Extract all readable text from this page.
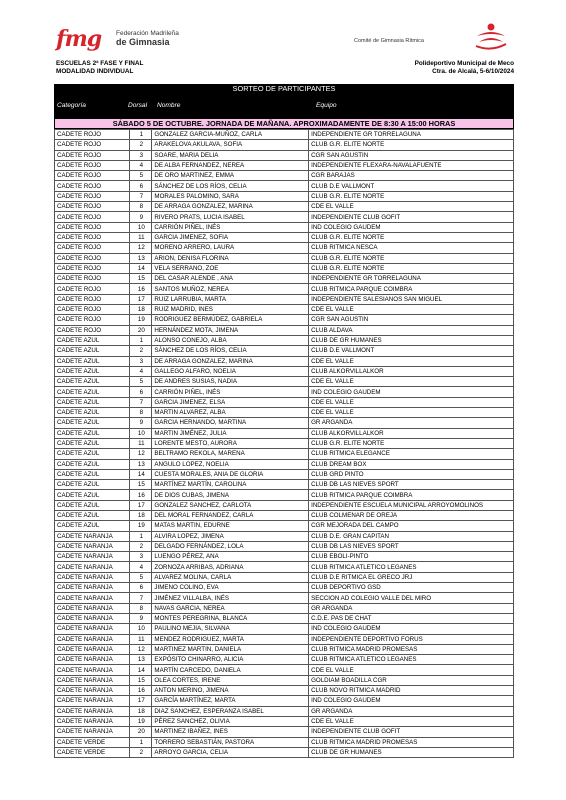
fmg Federación Madrileña
de Gimnasia	Comité de Gimnasia Rítmica
ESCUELAS 2ª FASE Y FINAL
MODALIDAD INDIVIDUAL
Polideportivo Municipal de Meco
Ctra. de Alcalá, 5-6/10/2024
SORTEO DE PARTICIPANTES
Categoría	Dorsal Nombre	Equipo
SÁBADO 5 DE OCTUBRE. JORNADA DE MAÑANA. APROXIMADAMENTE DE 8:30 A 15:00 HORAS
CADETE ROJO	1	GONZALEZ GARCIA-MUÑOZ, CARLA	INDEPENDIENTE GR TORRELAGUNA
CADETE ROJO	2	ARAKELOVA AKULAVA, SOFIA	CLUB G.R. ELITE NORTE
CADETE ROJO	3	SOARE, MARIA DELIA	CGR SAN AGUSTIN
CADETE ROJO	4	DE ALBA FERNANDEZ, NEREA	INDEPENDIENTE FLEXARA-NAVALAFUENTE
CADETE ROJO	5	DE ORO MARTINEZ, EMMA	CGR BARAJAS
CADETE ROJO	6	SÁNCHEZ DE LOS RÍOS, CELIA	CLUB D.E VALLMONT
CADETE ROJO	7	MORALES PALOMINO, SARA	CLUB G.R. ELITE NORTE
CADETE ROJO	8	DE ARRAGA GONZALEZ, MARINA	CDE EL VALLE
CADETE ROJO	9	RIVERO PRATS, LUCIA ISABEL	INDEPENDIENTE CLUB GOFIT
CADETE ROJO	10	CARRIÓN PIÑEL, INÉS	IND COLEGIO GAUDEM
CADETE ROJO	11	GARCIA JIMENEZ, SOFIA	CLUB G.R. ELITE NORTE
CADETE ROJO	12	MORENO ARRERO, LAURA	CLUB RITMICA NESCA
CADETE ROJO	13	ARION, DENISA FLORINA	CLUB G.R. ELITE NORTE
CADETE ROJO	14	VELA SERRANO, ZOE	CLUB G.R. ELITE NORTE
CADETE ROJO	15	DEL CASAR ALENDE , ANA	INDEPENDIENTE GR TORRELAGUNA
CADETE ROJO	16	SANTOS MUÑOZ, NEREA	CLUB RITMICA PARQUE COIMBRA
CADETE ROJO	17	RUIZ LARRUBIA, MARTA	INDEPENDIENTE SALESIANOS SAN MIGUEL
CADETE ROJO	18	RUIZ MADRID, INES	CDE EL VALLE
CADETE ROJO	19	RODRIGUEZ BERMÚDEZ, GABRIELA	CGR SAN AGUSTIN
CADETE ROJO	20	HERNÁNDEZ MOTA, JIMENA	CLUB ALDAVA
CADETE AZUL	1	ALONSO CONEJO, ALBA	CLUB DE GR HUMANES
CADETE AZUL	2	SÁNCHEZ DE LOS RÍOS, CELIA	CLUB D.E VALLMONT
CADETE AZUL	3	DE ARRAGA GONZALEZ, MARINA	CDE EL VALLE
CADETE AZUL	4	GALLEGO ALFARO, NOELIA	CLUB ALKORVILLALKOR
CADETE AZUL	5	DE ANDRES SUSIAS, NADIA	CDE EL VALLE
CADETE AZUL	6	CARRIÓN PIÑEL, INÉS	IND COLEGIO GAUDEM
CADETE AZUL	7	GARCIA JIMENEZ, ELSA	CDE EL VALLE
CADETE AZUL	8	MARTIN ALVAREZ, ALBA	CDE EL VALLE
CADETE AZUL	9	GARCIA HERNANDO, MARTINA	GR ARGANDA
CADETE AZUL	10	MARTIN JIMÉNEZ, JULIA	CLUB ALKORVILLALKOR
CADETE AZUL	11	LORENTE MESTO, AURORA	CLUB G.R. ELITE NORTE
CADETE AZUL	12	BELTRAMO REKOLA, MARENA	CLUB RITMICA ELEGANCE
CADETE AZUL	13	ANGULO LOPEZ, NOELIA	CLUB DREAM BOX
CADETE AZUL	14	CUESTA MORALES, ANIA DE GLORIA	CLUB GRD PINTO
CADETE AZUL	15	MARTÍNEZ MARTÍN, CAROLINA	CLUB DB LAS NIEVES SPORT
CADETE AZUL	16	DE DIOS CUBAS, JIMENA	CLUB RITMICA PARQUE COIMBRA
CADETE AZUL	17	GONZALEZ SANCHEZ, CARLOTA	INDEPENDIENTE ESCUELA MUNICIPAL ARROYOMOLINOS
CADETE AZUL	18	DEL MORAL FERNANDEZ, CARLA	CLUB COLMENAR DE OREJA
CADETE AZUL	19	MATAS MARTIN, EDURNE	CGR MEJORADA DEL CAMPO
CADETE NARANJA	1	ALVIRA LOPEZ, JIMENA	CLUB D.E. GRAN CAPITAN
CADETE NARANJA	2	DELGADO FERNÁNDEZ, LOLA	CLUB DB LAS NIEVES SPORT
CADETE NARANJA	3	LUENGO PÉREZ, ANA	CLUB EBOLI-PINTO
CADETE NARANJA	4	ZORNOZA ARRIBAS, ADRIANA	CLUB RITMICA ATLETICO LEGANES
CADETE NARANJA	5	ALVAREZ MOLINA, CARLA	CLUB D.E RITMICA EL GRECO JRJ
CADETE NARANJA	6	JIMENO COLINO, EVA	CLUB DEPORTIVO GSD
CADETE NARANJA	7	JIMÉNEZ VILLALBA, INÉS	SECCION AD COLEGIO VALLE DEL MIRO
CADETE NARANJA	8	NAVAS GARCIA, NEREA	GR ARGANDA
CADETE NARANJA	9	MONTES PEREGRINA, BLANCA	C.D.E. PAS DE CHAT
CADETE NARANJA	10	PAULINO MEJIA, SILVANA	IND COLEGIO GAUDEM
CADETE NARANJA	11	MENDEZ RODRIGUEZ, MARTA	INDEPENDIENTE DEPORTIVO FORUS
CADETE NARANJA	12	MARTINEZ MARTIN, DANIELA	CLUB RITMICA MADRID PROMESAS
CADETE NARANJA	13	EXPÓSITO CHINARRO, ALICIA	CLUB RITMICA ATLETICO LEGANES
CADETE NARANJA	14	MARTÍN CARCEDO, DANIELA	CDE EL VALLE
CADETE NARANJA	15	OLEA CORTES, IRENE	GOLDIAM BOADILLA CGR
CADETE NARANJA	16	ANTON MERINO, JIMENA	CLUB NOVO RITMICA MADRID
CADETE NARANJA	17	GARCÍA MARTÍNEZ, MARTA	IND COLEGIO GAUDEM
CADETE NARANJA	18	DIAZ SANCHEZ, ESPERANZA ISABEL	GR ARGANDA
CADETE NARANJA	19	PÉREZ SANCHEZ, OLIVIA	CDE EL VALLE
CADETE NARANJA	20	MARTINEZ IBAÑEZ, INES	INDEPENDIENTE CLUB GOFIT
CADETE VERDE	1	TORRERO SEBASTIÁN, PASTORA	CLUB RITMICA MADRID PROMESAS
CADETE VERDE	2	ARROYO GARCIA, CELIA	CLUB DE GR HUMANES
